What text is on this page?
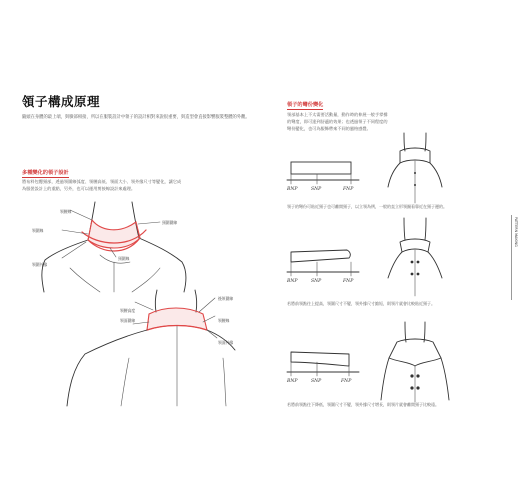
領子構成原理
隨頭在身體的最上端，與臉部相接，所以在服裝設計中領子的設計相對來說很重要，與造型會直接影響服裝整體的外觀。
多種變化的領子設計
將布料包覆頸部，透過領圍線弧度、領腰高低、領面大小、領外緣尺寸等變化，讓它成為服裝設計上的重點，另外，也可以運用剪接線設計來處理。
領腰線
領圍線
領圍外緣
頸圍圍線
頸圍線
領腰高度
領面圍線
後領圍線
領腰線
領面外緣
領子的彎份變化
領部基本上不太需要活動量，動作時的伸展一般手掌撐的彎度，即可達到舒適的效果；也透過領子不同程度的彎份變化，也可為服飾帶來不同的風格感覺。
BNP	SNP	FNP
領子的彎份可貼近頸子也可離開頸子，以立領為例，一般的直立形領圈看靠近在頸子邊的。
BNP	SNP	FNP
若將前領點往上提高，領圍尺寸不變，領外緣尺寸縮短，則領片就會比較貼近頸子。
BNP	SNP	FNP
若將前領點往下降低，領圍尺寸不變，領外緣尺寸增長，則領片就會離開頸子比較遠。
PATTERN MAKING
